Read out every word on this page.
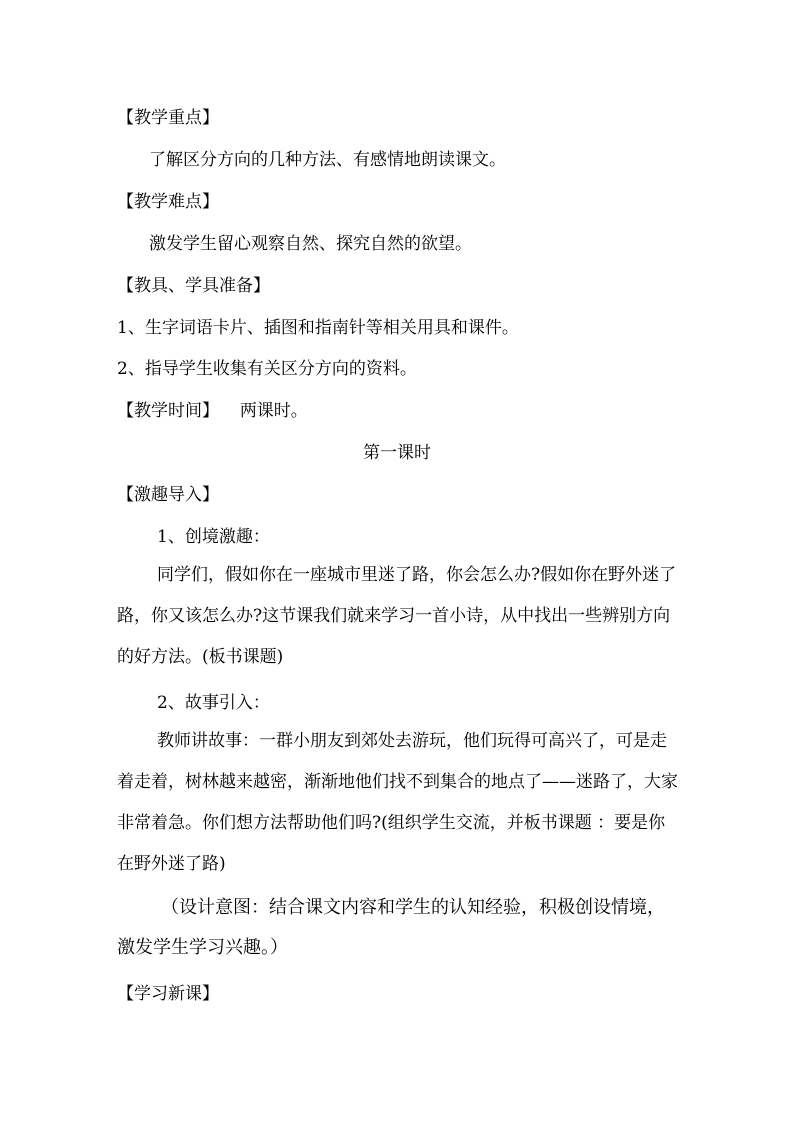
【教学重点】
了解区分方向的几种方法、有感情地朗读课文。
【教学难点】
激发学生留心观察自然、探究自然的欲望。
【教具、学具准备】
1、生字词语卡片、插图和指南针等相关用具和课件。
2、指导学生收集有关区分方向的资料。
【教学时间】 两课时。
第一课时
【激趣导入】
1、创境激趣：
同学们，假如你在一座城市里迷了路，你会怎么办?假如你在野外迷了路，你又该怎么办?这节课我们就来学习一首小诗，从中找出一些辨别方向的好方法。(板书课题)
2、故事引入：
教师讲故事：一群小朋友到郊处去游玩，他们玩得可高兴了，可是走着走着，树林越来越密，渐渐地他们找不到集合的地点了——迷路了，大家非常着急。你们想方法帮助他们吗?(组织学生交流，并板书课题 ：要是你在野外迷了路)
（设计意图：结合课文内容和学生的认知经验，积极创设情境，激发学生学习兴趣。）
【学习新课】
